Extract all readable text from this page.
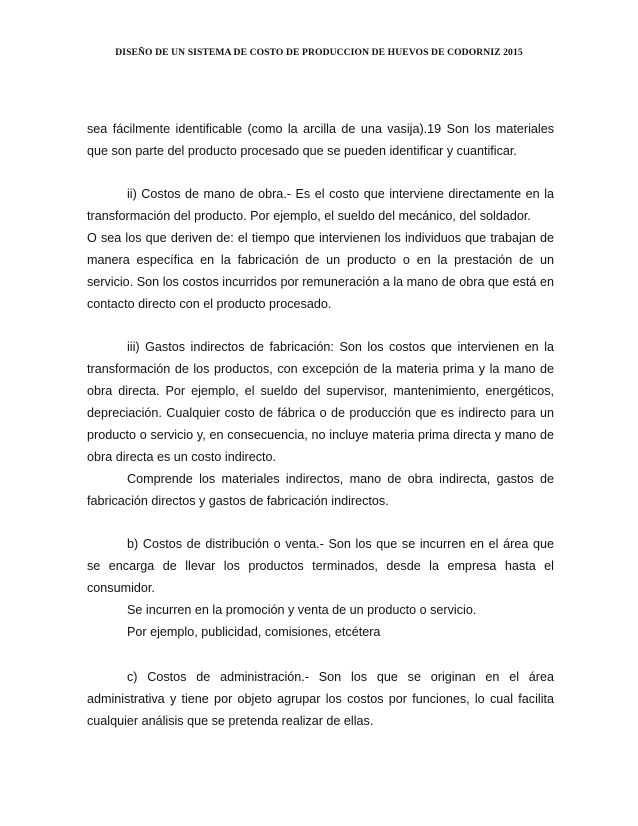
DISEÑO DE UN SISTEMA DE COSTO DE PRODUCCION DE HUEVOS DE CODORNIZ 2015

sea fácilmente identificable (como la arcilla de una vasija).19 Son los materiales que son parte del producto procesado que se pueden identificar y cuantificar.

ii) Costos de mano de obra.- Es el costo que interviene directamente en la transformación del producto. Por ejemplo, el sueldo del mecánico, del soldador.

O sea los que deriven de: el tiempo que intervienen los individuos que trabajan de manera específica en la fabricación de un producto o en la prestación de un servicio. Son los costos incurridos por remuneración a la mano de obra que está en contacto directo con el producto procesado.

iii) Gastos indirectos de fabricación: Son los costos que intervienen en la transformación de los productos, con excepción de la materia prima y la mano de obra directa. Por ejemplo, el sueldo del supervisor, mantenimiento, energéticos, depreciación. Cualquier costo de fábrica o de producción que es indirecto para un producto o servicio y, en consecuencia, no incluye materia prima directa y mano de obra directa es un costo indirecto.

Comprende los materiales indirectos, mano de obra indirecta, gastos de fabricación directos y gastos de fabricación indirectos.

b) Costos de distribución o venta.- Son los que se incurren en el área que se encarga de llevar los productos terminados, desde la empresa hasta el consumidor.

Se incurren en la promoción y venta de un producto o servicio.

Por ejemplo, publicidad, comisiones, etcétera

c) Costos de administración.- Son los que se originan en el área administrativa y tiene por objeto agrupar los costos por funciones, lo cual facilita cualquier análisis que se pretenda realizar de ellas.
